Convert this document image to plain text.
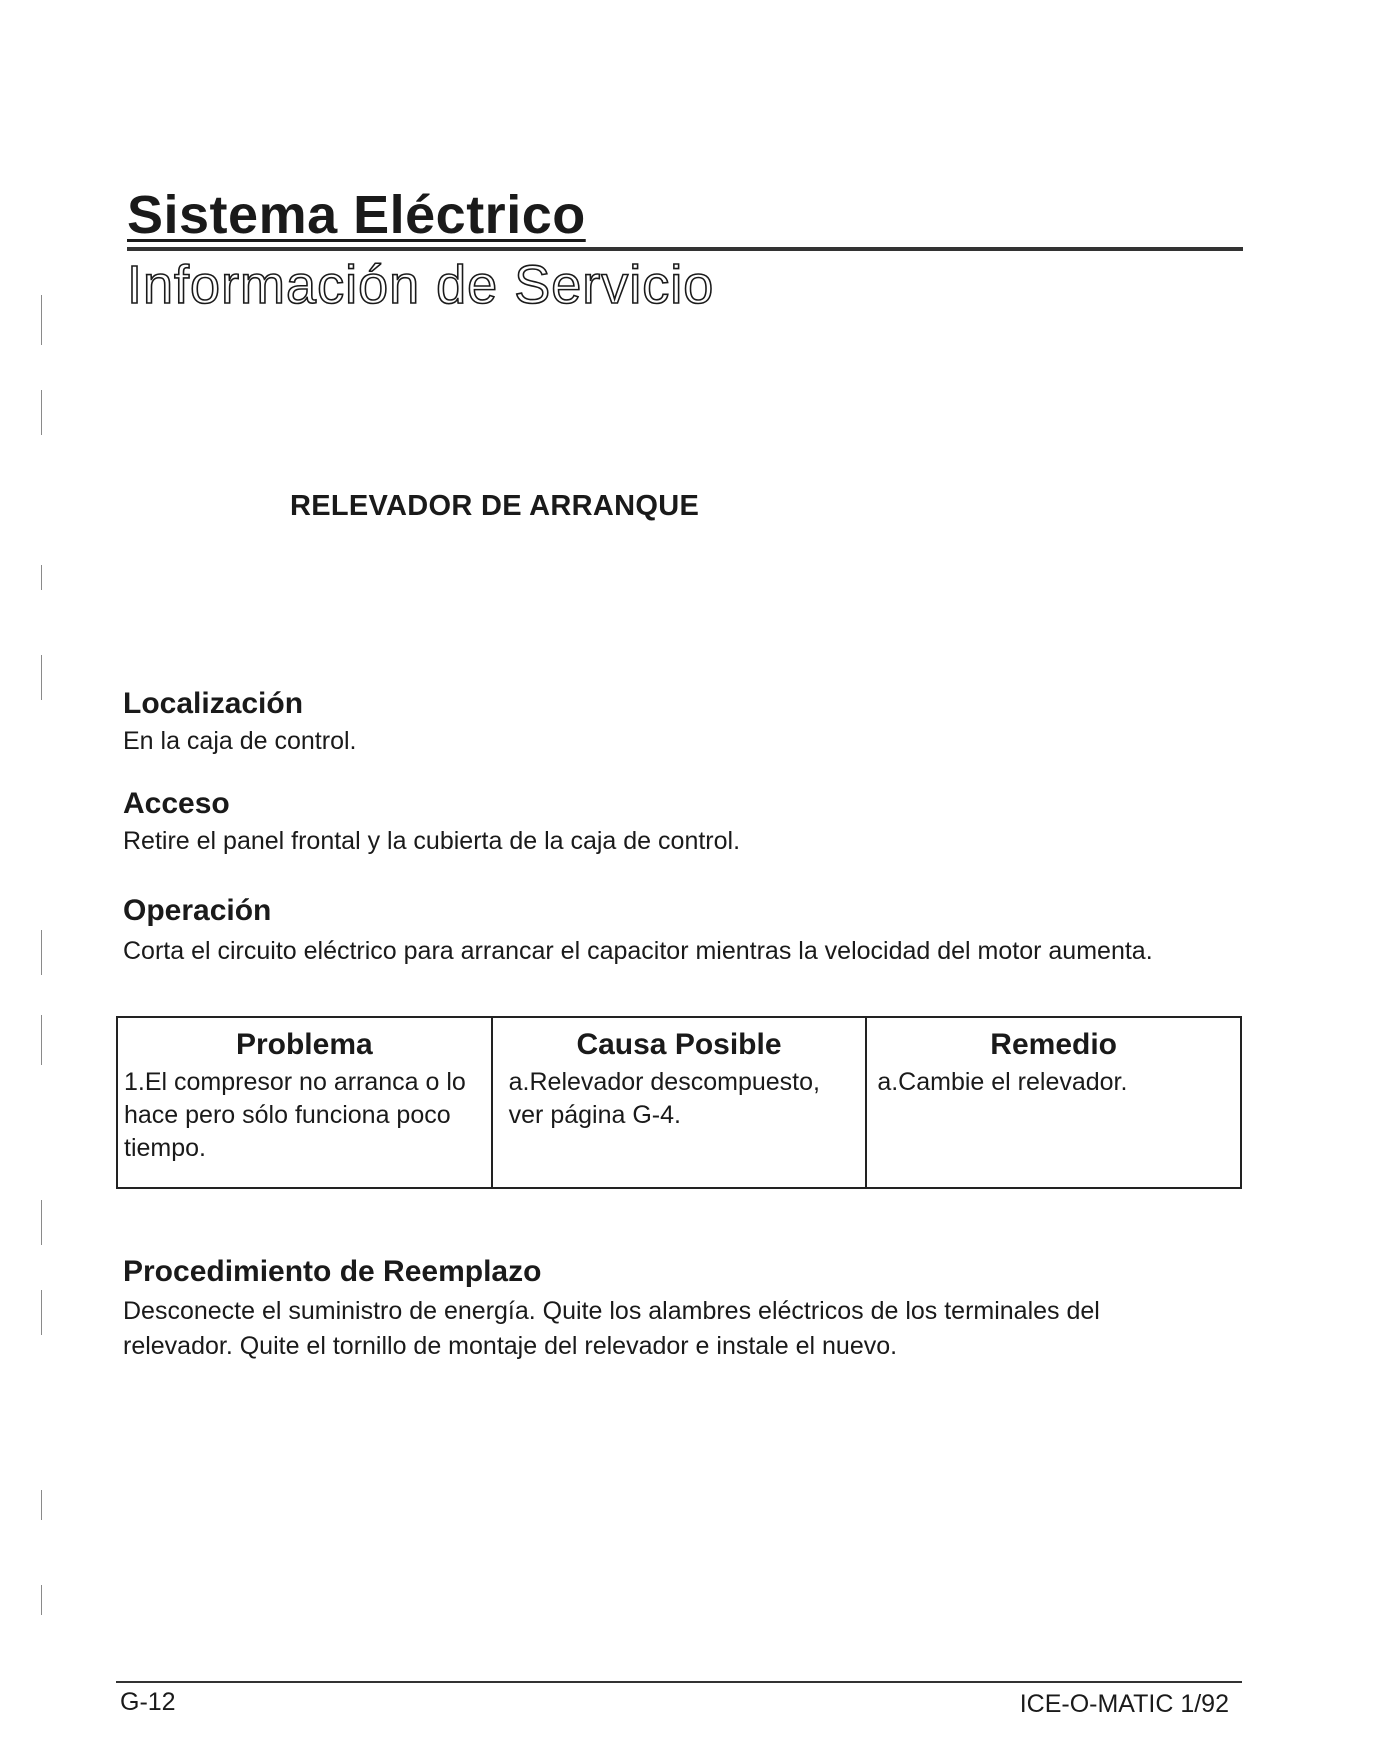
Sistema Eléctrico
Información de Servicio
RELEVADOR DE ARRANQUE
Localización

En la caja de control.

Acceso

Retire el panel frontal y la cubierta de la caja de control.

Operación

Corta el circuito eléctrico para arrancar el capacitor mientras la velocidad del motor aumenta.

Problema	Causa Posible	Remedio
1.El compresor no arranca o lo hace pero sólo funciona poco tiempo.	a.Relevador descompuesto, ver página G-4.	a.Cambie el relevador.
Procedimiento de Reemplazo

Desconecte el suministro de energía. Quite los alambres eléctricos de los terminales del relevador. Quite el tornillo de montaje del relevador e instale el nuevo.

G-12	ICE-O-MATIC 1/92
